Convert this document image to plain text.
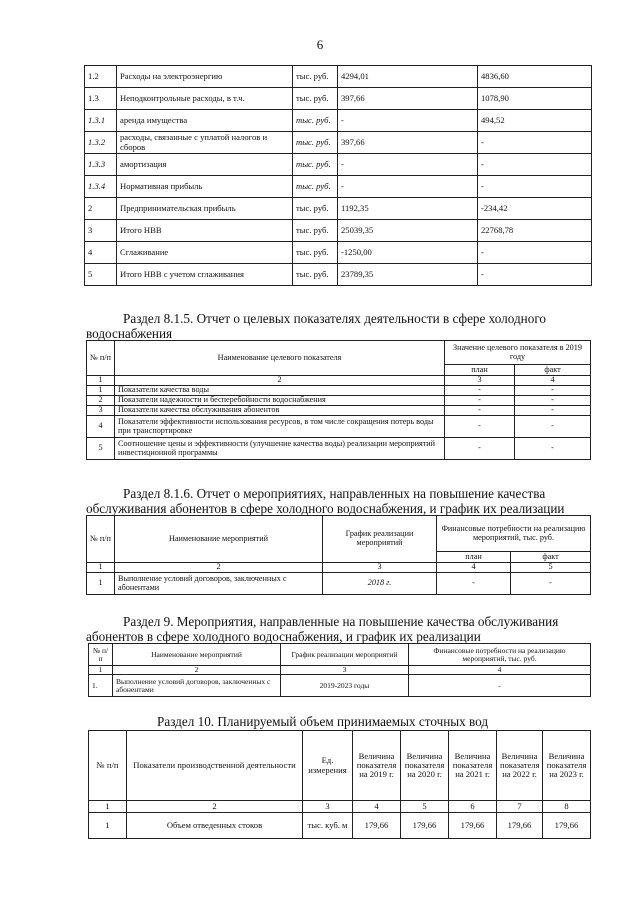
6
1.2	Расходы на электроэнергию	тыс. руб.	4294,01	4836,60
1.3	Неподконтрольные расходы, в т.ч.	тыс. руб.	397,66	1078,90
1.3.1	аренда имущества	тыс. руб.	-	494,52
1.3.2	расходы, связанные с уплатой налогов и сборов	тыс. руб.	397,66	-
1.3.3	амортизация	тыс. руб.	-	-
1.3.4	Нормативная прибыль	тыс. руб.	-	-
2	Предпринимательская прибыль	тыс. руб.	1192,35	-234,42
3	Итого НВВ	тыс. руб.	25039,35	22768,78
4	Сглаживание	тыс. руб.	-1250,00	-
5	Итого НВВ с учетом сглаживания	тыс. руб.	23789,35	-
Раздел 8.1.5. Отчет о целевых показателях деятельности в сфере холодного
водоснабжения
№ п/п	Наименование целевого показателя	Значение целевого показателя в 2019 году	
		план	факт
1	2	3	4
1	Показатели качества воды	-	-
2	Показатели надежности и бесперебойности водоснабжения	-	-
3	Показатели качества обслуживания абонентов	-	-
4	Показатели эффективности использования ресурсов, в том числе сокращения потерь воды при транспортировке	-	-
5	Соотношение цены и эффективности (улучшение качества воды) реализации мероприятий инвестиционной программы	-	-
Раздел 8.1.6. Отчет о мероприятиях, направленных на повышение качества
обслуживания абонентов в сфере холодного водоснабжения, и график их реализации
№ п/п	Наименование мероприятий	График реализации мероприятий	Финансовые потребности на реализацию мероприятий, тыс. руб.	
			план	факт
1	2	3	4	5
1	Выполнение условий договоров, заключенных с абонентами	2018 г.	-	-
Раздел 9. Мероприятия, направленные на повышение качества обслуживания
абонентов в сфере холодного водоснабжения, и график их реализации
№ п/п	Наименование мероприятий	График реализации мероприятий	Финансовые потребности на реализацию мероприятий, тыс. руб.
1	2	3	4
1.	Выполнение условий договоров, заключенных с абонентами	2019-2023 годы	-
Раздел 10. Планируемый объем принимаемых сточных вод
№ п/п	Показатели производственной деятельности	Ед. измерения	Величина показателя на 2019 г.	Величина показателя на 2020 г.	Величина показателя на 2021 г.	Величина показателя на 2022 г.	Величина показателя на 2023 г.
1	2	3	4	5	6	7	8
1	Объем отведенных стоков	тыс. куб. м	179,66	179,66	179,66	179,66	179,66
